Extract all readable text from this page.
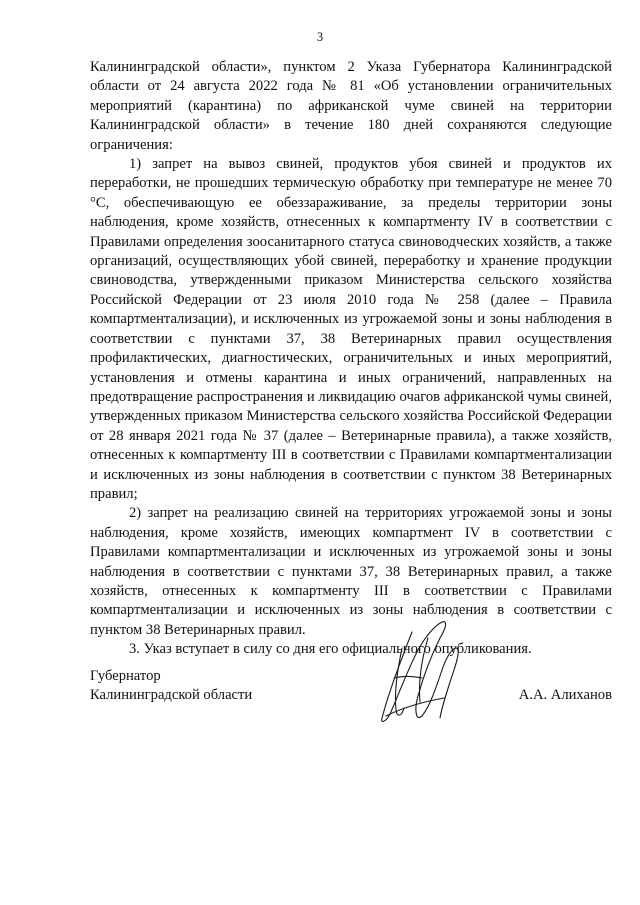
3

Калининградской области», пунктом 2 Указа Губернатора Калининградской области от 24 августа 2022 года № 81 «Об установлении ограничительных мероприятий (карантина) по африканской чуме свиней на территории Калининградской области» в течение 180 дней сохраняются следующие ограничения:

1) запрет на вывоз свиней, продуктов убоя свиней и продуктов их переработки, не прошедших термическую обработку при температуре не менее 70 °С, обеспечивающую ее обеззараживание, за пределы территории зоны наблюдения, кроме хозяйств, отнесенных к компартменту IV в соответствии с Правилами определения зоосанитарного статуса свиноводческих хозяйств, а также организаций, осуществляющих убой свиней, переработку и хранение продукции свиноводства, утвержденными приказом Министерства сельского хозяйства Российской Федерации от 23 июля 2010 года № 258 (далее – Правила компартментализации), и исключенных из угрожаемой зоны и зоны наблюдения в соответствии с пунктами 37, 38 Ветеринарных правил осуществления профилактических, диагностических, ограничительных и иных мероприятий, установления и отмены карантина и иных ограничений, направленных на предотвращение распространения и ликвидацию очагов африканской чумы свиней, утвержденных приказом Министерства сельского хозяйства Российской Федерации от 28 января 2021 года № 37 (далее – Ветеринарные правила), а также хозяйств, отнесенных к компартменту III в соответствии с Правилами компартментализации и исключенных из зоны наблюдения в соответствии с пунктом 38 Ветеринарных правил;

2) запрет на реализацию свиней на территориях угрожаемой зоны и зоны наблюдения, кроме хозяйств, имеющих компартмент IV в соответствии с Правилами компартментализации и исключенных из угрожаемой зоны и зоны наблюдения в соответствии с пунктами 37, 38 Ветеринарных правил, а также хозяйств, отнесенных к компартменту III в соответствии с Правилами компартментализации и исключенных из зоны наблюдения в соответствии с пунктом 38 Ветеринарных правил.

3. Указ вступает в силу со дня его официального опубликования.

Губернатор
Калининградской области	А.А. Алиханов
